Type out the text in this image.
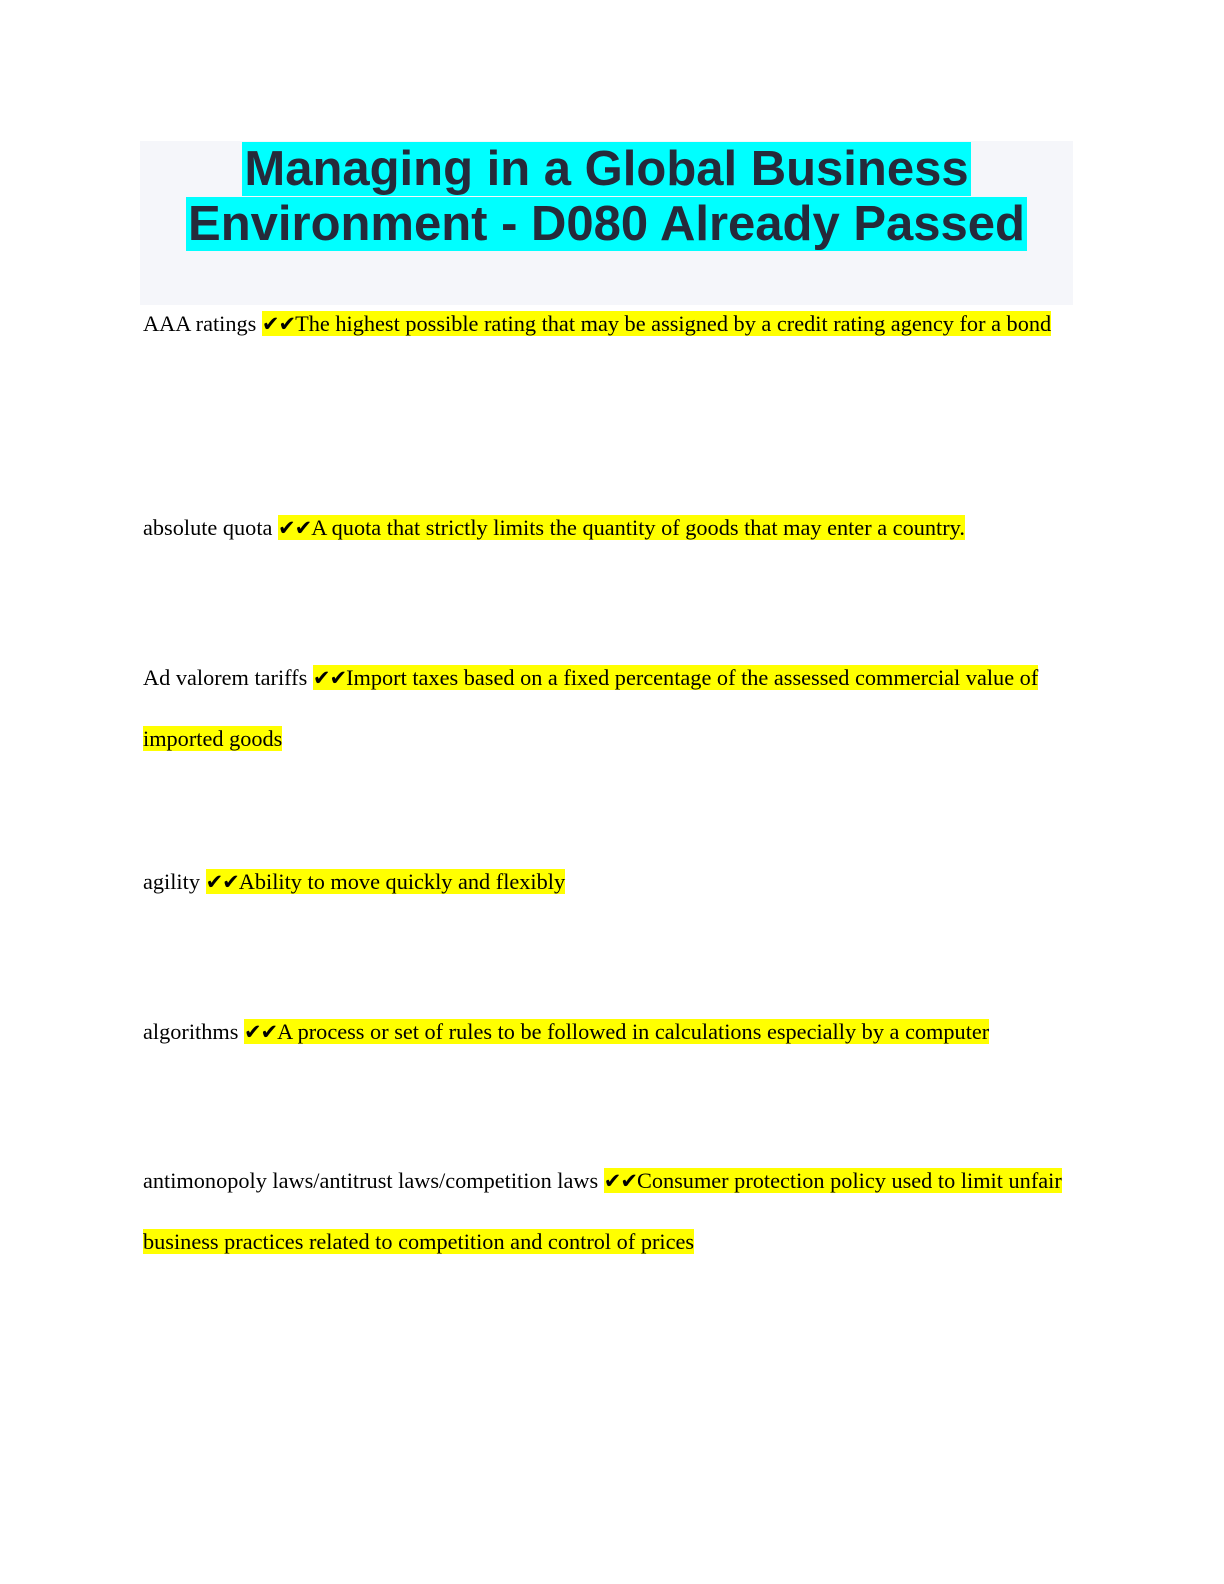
Managing in a Global Business
Environment - D080 Already Passed

AAA ratings ✔✔The highest possible rating that may be assigned by a credit rating agency for a bond

absolute quota ✔✔A quota that strictly limits the quantity of goods that may enter a country.

Ad valorem tariffs ✔✔Import taxes based on a fixed percentage of the assessed commercial value of imported goods

agility ✔✔Ability to move quickly and flexibly

algorithms ✔✔A process or set of rules to be followed in calculations especially by a computer

antimonopoly laws/antitrust laws/competition laws ✔✔Consumer protection policy used to limit unfair business practices related to competition and control of prices
